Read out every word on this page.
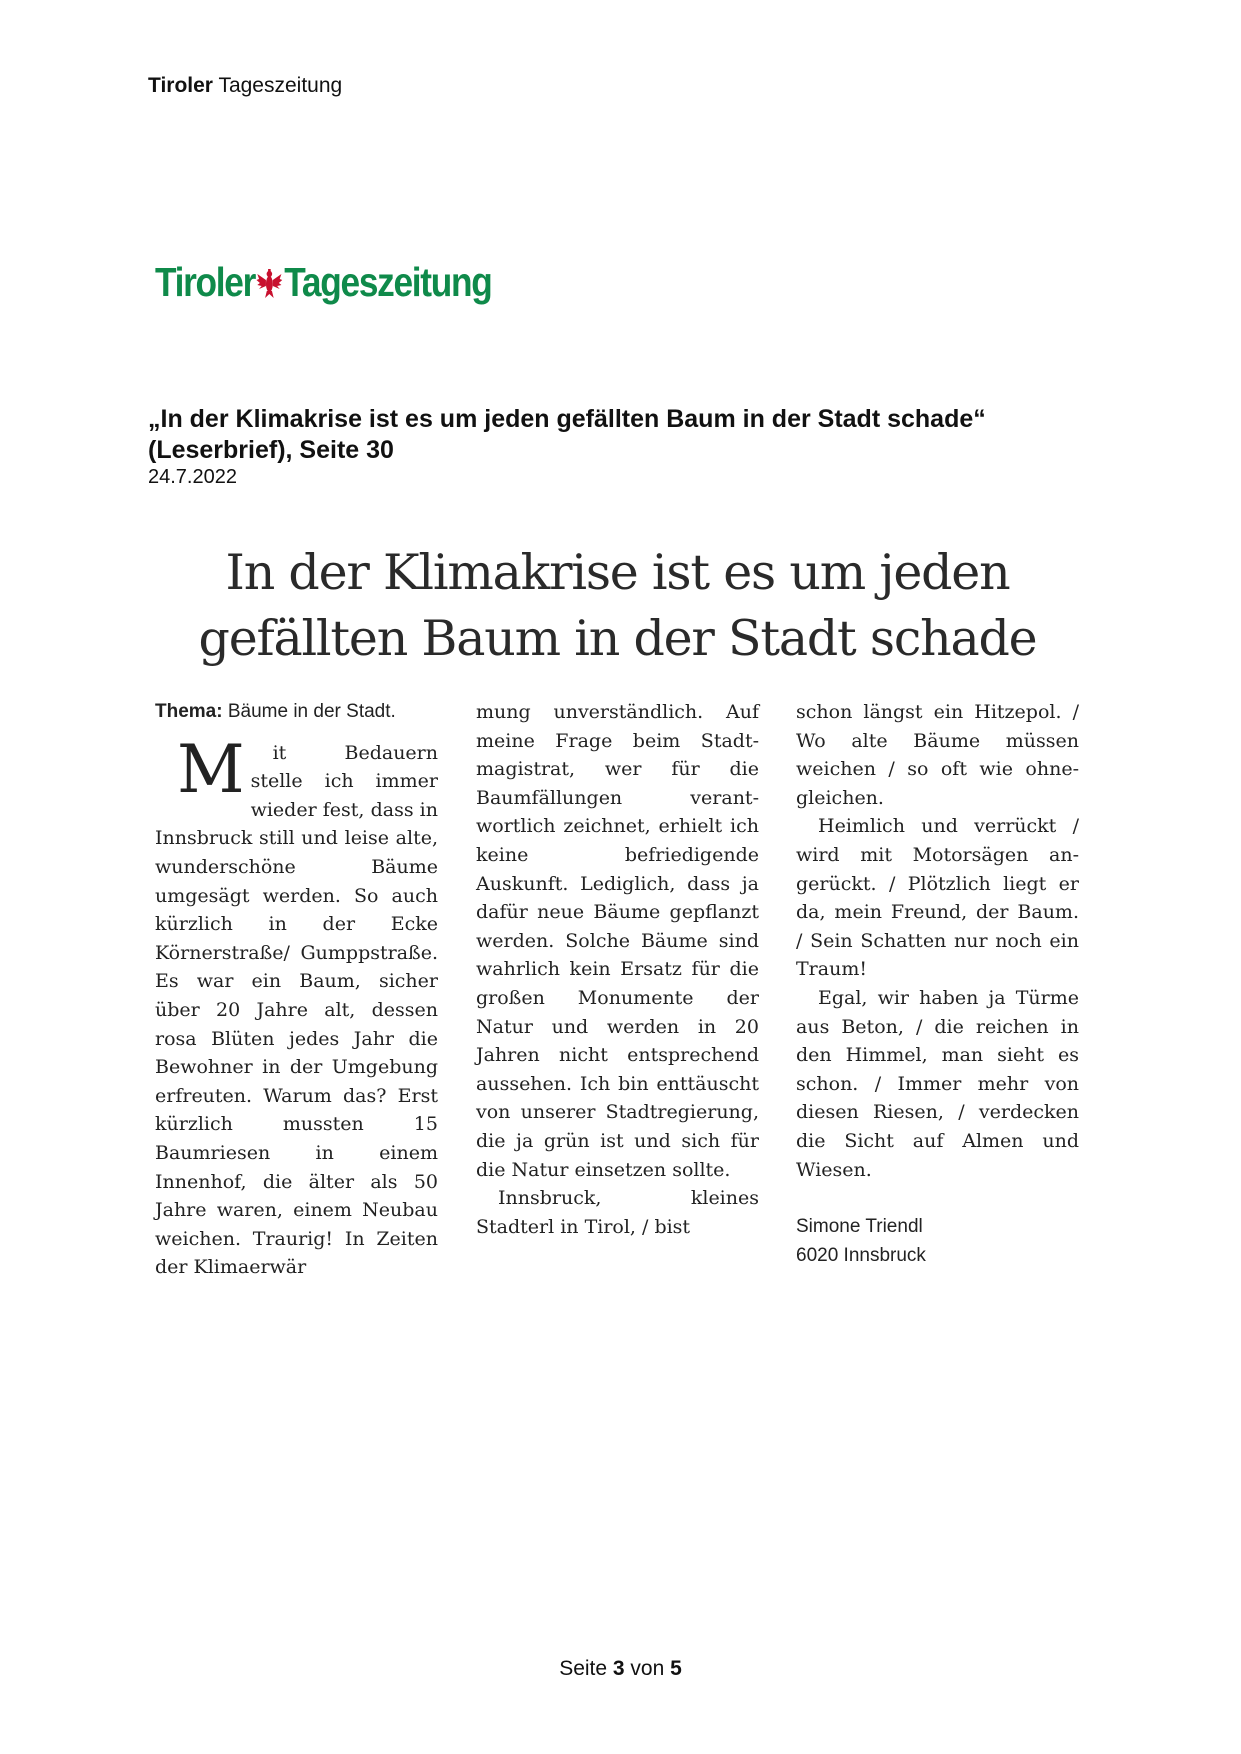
Tiroler Tageszeitung
Tiroler Tageszeitung
„In der Klimakrise ist es um jeden gefällten Baum in der Stadt schade“ (Leserbrief), Seite 30
24.7.2022
In der Klimakrise ist es um jeden gefällten Baum in der Stadt schade

Thema: Bäume in der Stadt.

M it Bedauern stelle ich immer wieder fest, dass in Innsbruck still und leise alte, wunderschöne Bäume umgesägt werden. So auch kürzlich in der Ecke Körnerstraße/ Gumppstraße. Es war ein Baum, sicher über 20 Jahre alt, dessen rosa Blüten jedes Jahr die Bewohner in der Umgebung erfreuten. Warum das? Erst kürzlich mussten 15 Baumriesen in einem Innenhof, die älter als 50 Jahre waren, einem Neubau weichen. Traurig! In Zeiten der Klimaerwär

mung unverständlich. Auf meine Frage beim Stadtmagistrat, wer für die Baumfällungen verantwortlich zeichnet, erhielt ich keine befriedigende Auskunft. Lediglich, dass ja dafür neue Bäume gepflanzt werden. Solche Bäume sind wahrlich kein Ersatz für die großen Monumente der Natur und werden in 20 Jahren nicht entsprechend aussehen. Ich bin enttäuscht von unserer Stadtregierung, die ja grün ist und sich für die Natur einsetzen sollte.

Innsbruck, kleines Stadterl in Tirol, / bist

schon längst ein Hitzepol. / Wo alte Bäume müssen weichen / so oft wie ohnegleichen.

Heimlich und verrückt / wird mit Motorsägen angerückt. / Plötzlich liegt er da, mein Freund, der Baum. / Sein Schatten nur noch ein Traum!

Egal, wir haben ja Türme aus Beton, / die reichen in den Himmel, man sieht es schon. / Immer mehr von diesen Riesen, / verdecken die Sicht auf Almen und Wiesen.

Simone Triendl
6020 Innsbruck
Seite 3 von 5
